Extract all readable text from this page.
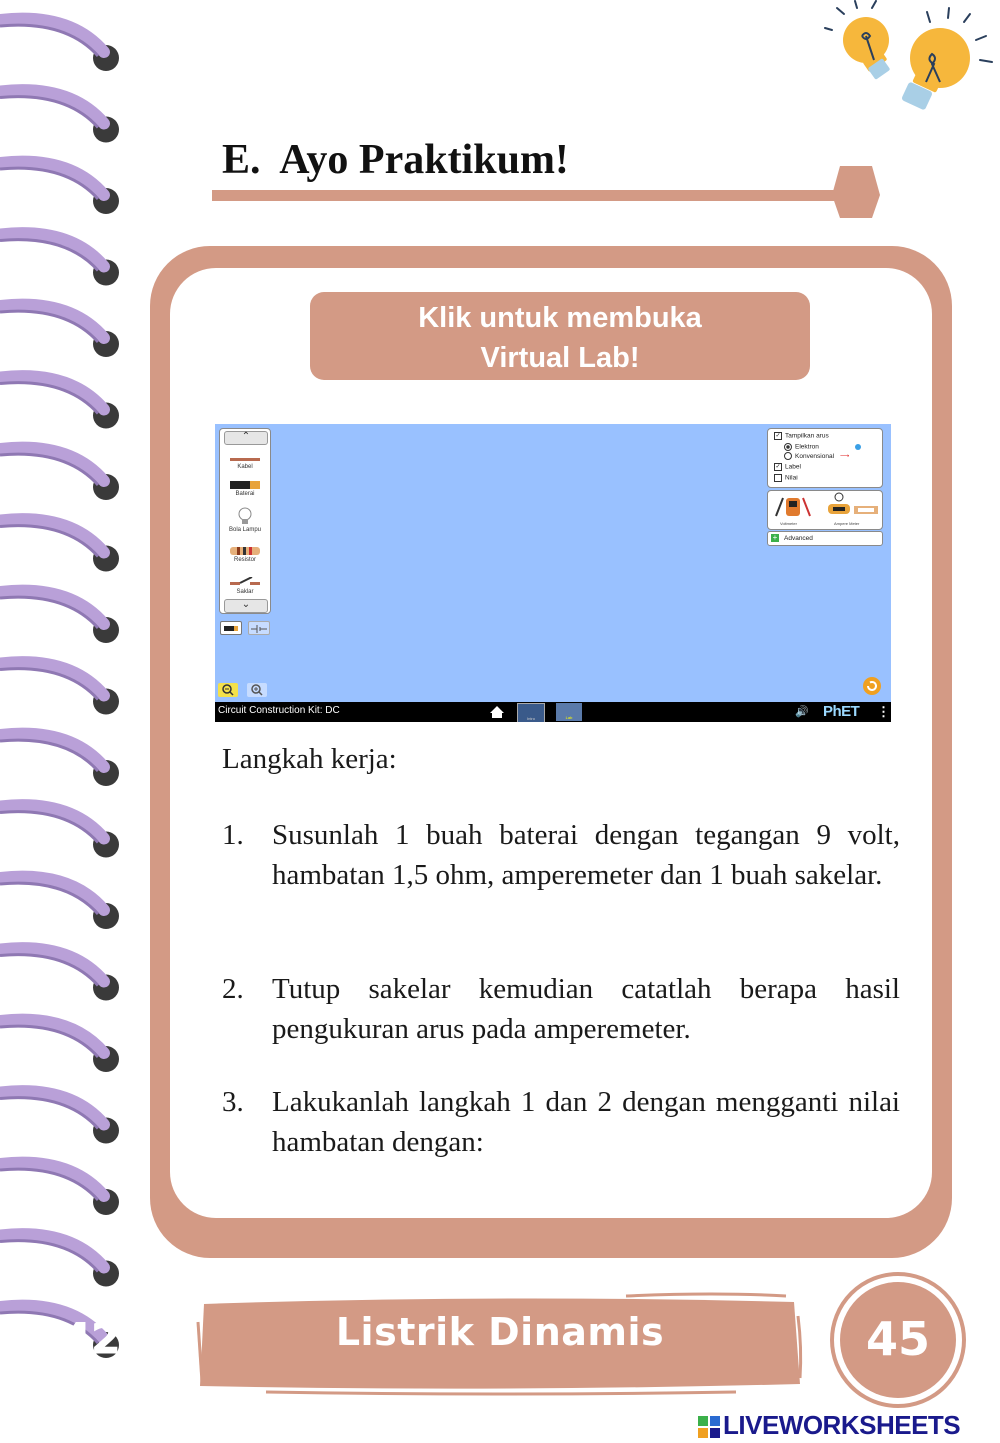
E. Ayo Praktikum!
Klik untuk membuka
Virtual Lab!
⌃
Kabel
Baterai
Bola Lampu
Resistor
Saklar
⌄
✓ Tampilkan arus
Elektron
Konvensional ⟶
✓ Label
Nilai
Voltmeter	Ampere Meter
+ Advanced
Circuit Construction Kit: DC
Intro	Lab	🔊 PhET ⋮
Langkah kerja:
1. Susunlah 1 buah baterai dengan tegangan 9 volt, hambatan 1,5 ohm, amperemeter dan 1 buah sakelar.
2. Tutup sakelar kemudian catatlah berapa hasil pengukuran arus pada amperemeter.
3. Lakukanlah langkah 1 dan 2 dengan mengganti nilai hambatan dengan:
42	Listrik Dinamis	45
LIVEWORKSHEETS
